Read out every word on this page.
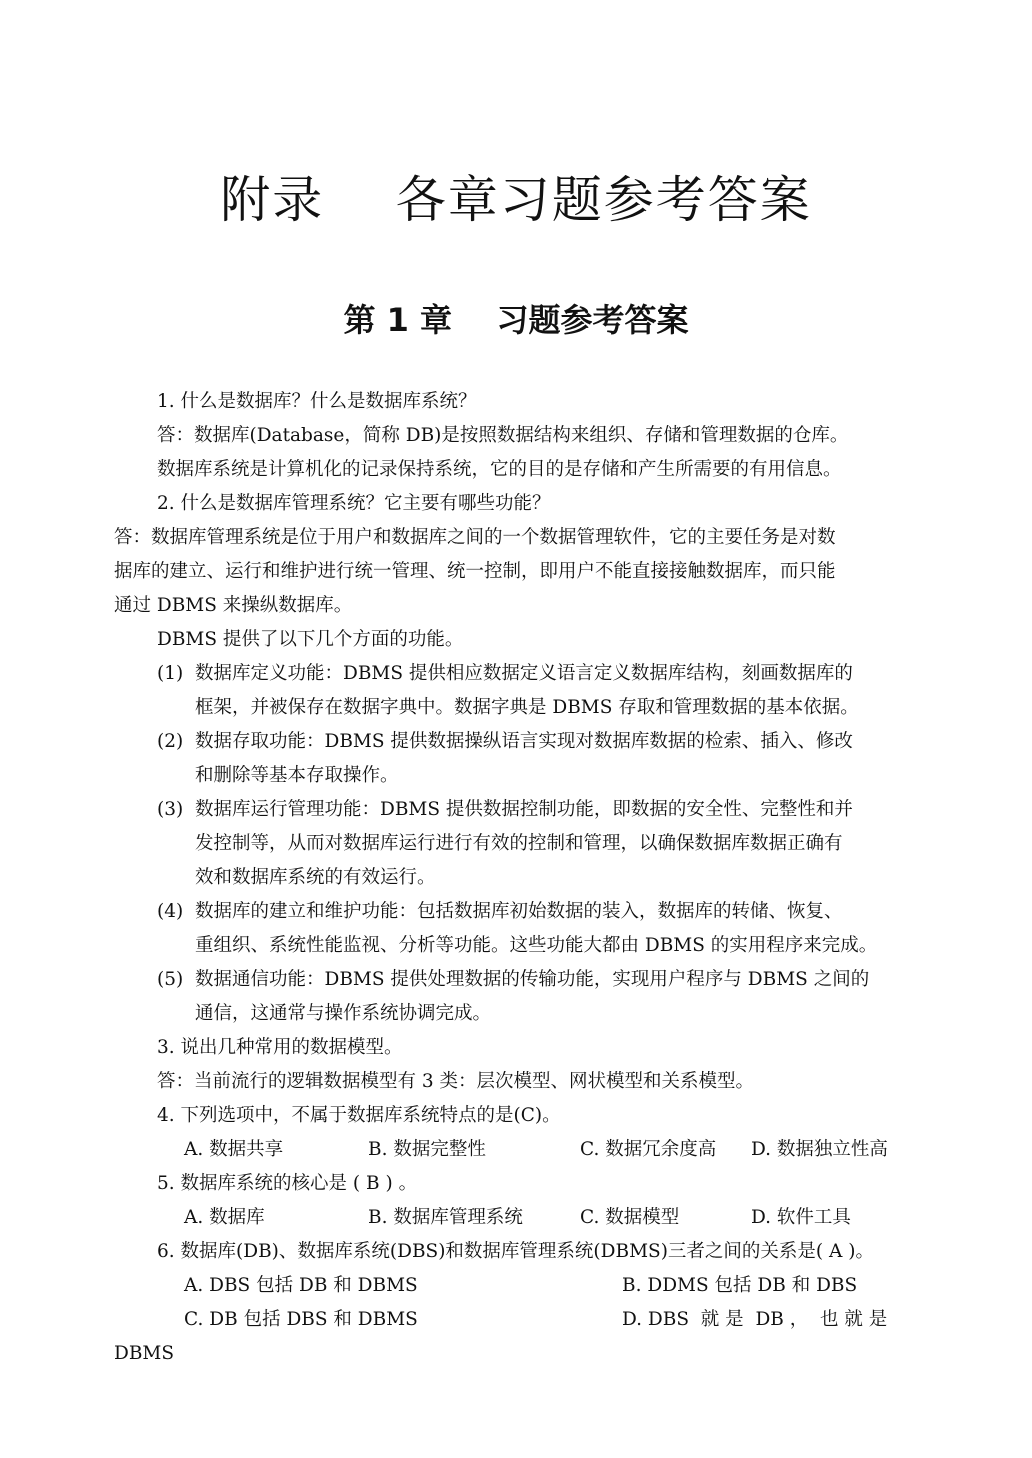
附录    各章习题参考答案
第 1 章    习题参考答案
1. 什么是数据库？什么是数据库系统？
答：数据库(Database，简称 DB)是按照数据结构来组织、存储和管理数据的仓库。
数据库系统是计算机化的记录保持系统，它的目的是存储和产生所需要的有用信息。
2. 什么是数据库管理系统？它主要有哪些功能？
答：数据库管理系统是位于用户和数据库之间的一个数据管理软件，它的主要任务是对数
据库的建立、运行和维护进行统一管理、统一控制，即用户不能直接接触数据库，而只能
通过 DBMS 来操纵数据库。
DBMS 提供了以下几个方面的功能。
(1) 数据库定义功能：DBMS 提供相应数据定义语言定义数据库结构，刻画数据库的
框架，并被保存在数据字典中。数据字典是 DBMS 存取和管理数据的基本依据。
(2) 数据存取功能：DBMS 提供数据操纵语言实现对数据库数据的检索、插入、修改
和删除等基本存取操作。
(3) 数据库运行管理功能：DBMS 提供数据控制功能，即数据的安全性、完整性和并
发控制等，从而对数据库运行进行有效的控制和管理，以确保数据库数据正确有
效和数据库系统的有效运行。
(4) 数据库的建立和维护功能：包括数据库初始数据的装入，数据库的转储、恢复、
重组织、系统性能监视、分析等功能。这些功能大都由 DBMS 的实用程序来完成。
(5) 数据通信功能：DBMS 提供处理数据的传输功能，实现用户程序与 DBMS 之间的
通信，这通常与操作系统协调完成。
3. 说出几种常用的数据模型。
答：当前流行的逻辑数据模型有 3 类：层次模型、网状模型和关系模型。
4. 下列选项中，不属于数据库系统特点的是(C)。
A. 数据共享	B. 数据完整性	C. 数据冗余度高 D. 数据独立性高
5. 数据库系统的核心是 ( B ) 。
A. 数据库	B. 数据库管理系统	C. 数据模型	D. 软件工具
6. 数据库(DB)、数据库系统(DBS)和数据库管理系统(DBMS)三者之间的关系是( A )。
A. DBS 包括 DB 和 DBMS	B. DDMS 包括 DB 和 DBS
C. DB 包括 DBS 和 DBMS	D. DBS  就 是  DB ，  也 就 是
DBMS
